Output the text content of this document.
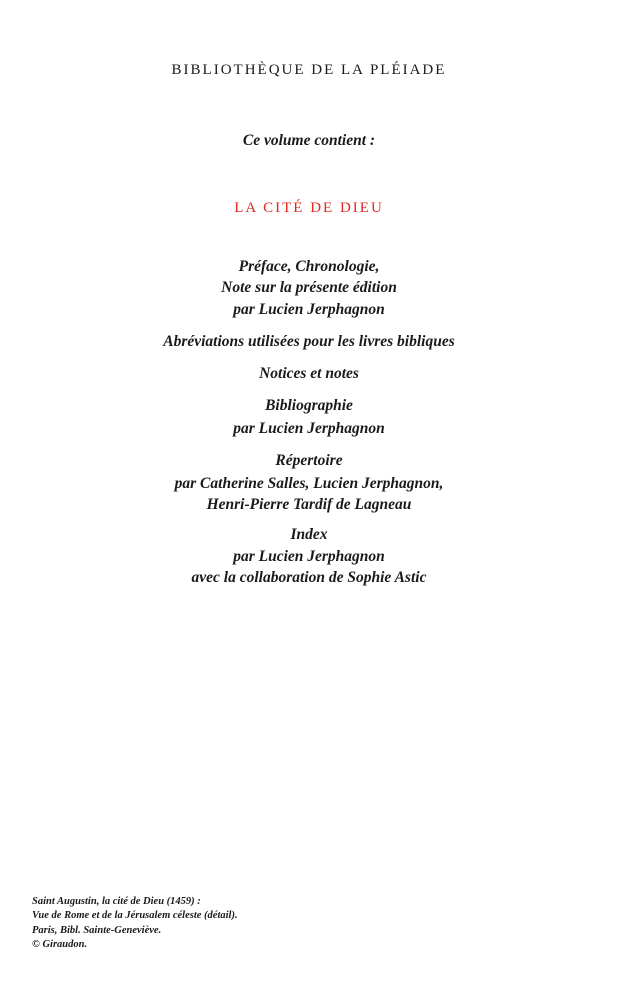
BIBLIOTHÈQUE DE LA PLÉIADE
Ce volume contient :
LA CITÉ DE DIEU
Préface, Chronologie,
Note sur la présente édition
par Lucien Jerphagnon
Abréviations utilisées pour les livres bibliques
Notices et notes
Bibliographie
par Lucien Jerphagnon
Répertoire
par Catherine Salles, Lucien Jerphagnon,
Henri-Pierre Tardif de Lagneau
Index
par Lucien Jerphagnon
avec la collaboration de Sophie Astic
Saint Augustin, la cité de Dieu (1459) :
Vue de Rome et de la Jérusalem céleste (détail).
Paris, Bibl. Sainte-Geneviève.
© Giraudon.
